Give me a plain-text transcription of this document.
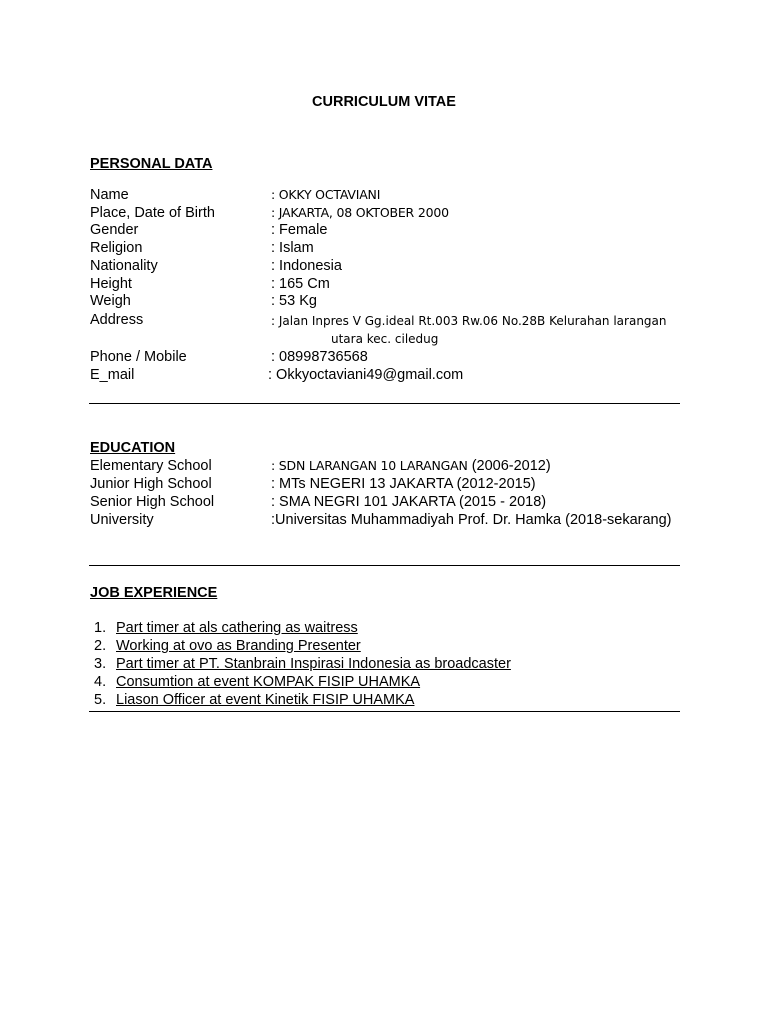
CURRICULUM VITAE
PERSONAL DATA
Name	: OKKY OCTAVIANI
Place, Date of Birth	: JAKARTA, 08 OKTOBER 2000
Gender	: Female
Religion	: Islam
Nationality	: Indonesia
Height	: 165 Cm
Weigh	: 53 Kg
Address	: Jalan Inpres V Gg.ideal Rt.003 Rw.06 No.28B Kelurahan larangan
utara kec. ciledug
Phone / Mobile	: 08998736568
E_mail	: Okkyoctaviani49@gmail.com
EDUCATION
Elementary School	: SDN LARANGAN 10 LARANGAN (2006-2012)
Junior High School	: MTs NEGERI 13 JAKARTA (2012-2015)
Senior High School	: SMA NEGRI 101 JAKARTA (2015 - 2018)
University	:Universitas Muhammadiyah Prof. Dr. Hamka (2018-sekarang)
JOB EXPERIENCE
1. Part timer at als cathering as waitress
2. Working at ovo as Branding Presenter
3. Part timer at PT. Stanbrain Inspirasi Indonesia as broadcaster
4. Consumtion at event KOMPAK FISIP UHAMKA
5. Liason Officer at event Kinetik FISIP UHAMKA
